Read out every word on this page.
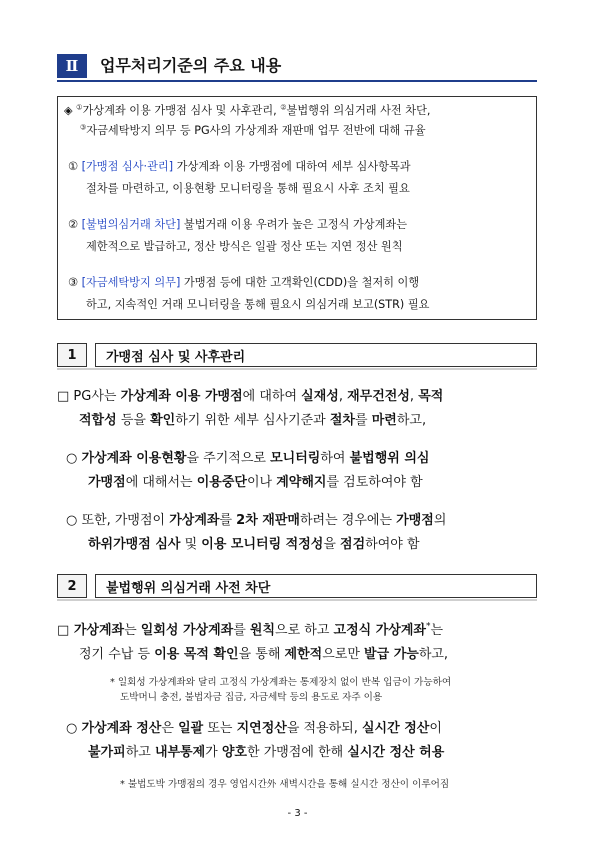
Ⅱ	업무처리기준의 주요 내용
◈ ①가상계좌 이용 가맹점 심사 및 사후관리, ②불법행위 의심거래 사전 차단,
③자금세탁방지 의무 등 PG사의 가상계좌 재판매 업무 전반에 대해 규율
① [가맹점 심사·관리] 가상계좌 이용 가맹점에 대하여 세부 심사항목과
절차를 마련하고, 이용현황 모니터링을 통해 필요시 사후 조치 필요
② [불법의심거래 차단] 불법거래 이용 우려가 높은 고정식 가상계좌는
제한적으로 발급하고, 정산 방식은 일괄 정산 또는 지연 정산 원칙
③ [자금세탁방지 의무] 가맹점 등에 대한 고객확인(CDD)을 철저히 이행
하고, 지속적인 거래 모니터링을 통해 필요시 의심거래 보고(STR) 필요
1	가맹점 심사 및 사후관리
□ PG사는 가상계좌 이용 가맹점에 대하여 실재성, 재무건전성, 목적
적합성 등을 확인하기 위한 세부 심사기준과 절차를 마련하고,
○ 가상계좌 이용현황을 주기적으로 모니터링하여 불법행위 의심
가맹점에 대해서는 이용중단이나 계약해지를 검토하여야 함
○ 또한, 가맹점이 가상계좌를 2차 재판매하려는 경우에는 가맹점의
하위가맹점 심사 및 이용 모니터링 적정성을 점검하여야 함
2	불법행위 의심거래 사전 차단
□ 가상계좌는 일회성 가상계좌를 원칙으로 하고 고정식 가상계좌*는
정기 수납 등 이용 목적 확인을 통해 제한적으로만 발급 가능하고,
* 일회성 가상계좌와 달리 고정식 가상계좌는 통제장치 없이 반복 입금이 가능하여
도박머니 충전, 불법자금 집금, 자금세탁 등의 용도로 자주 이용
○ 가상계좌 정산은 일괄 또는 지연정산을 적용하되, 실시간 정산이
불가피하고 내부통제가 양호한 가맹점에 한해 실시간 정산 허용
* 불법도박 가맹점의 경우 영업시간外 새벽시간을 통해 실시간 정산이 이루어짐
- 3 -
